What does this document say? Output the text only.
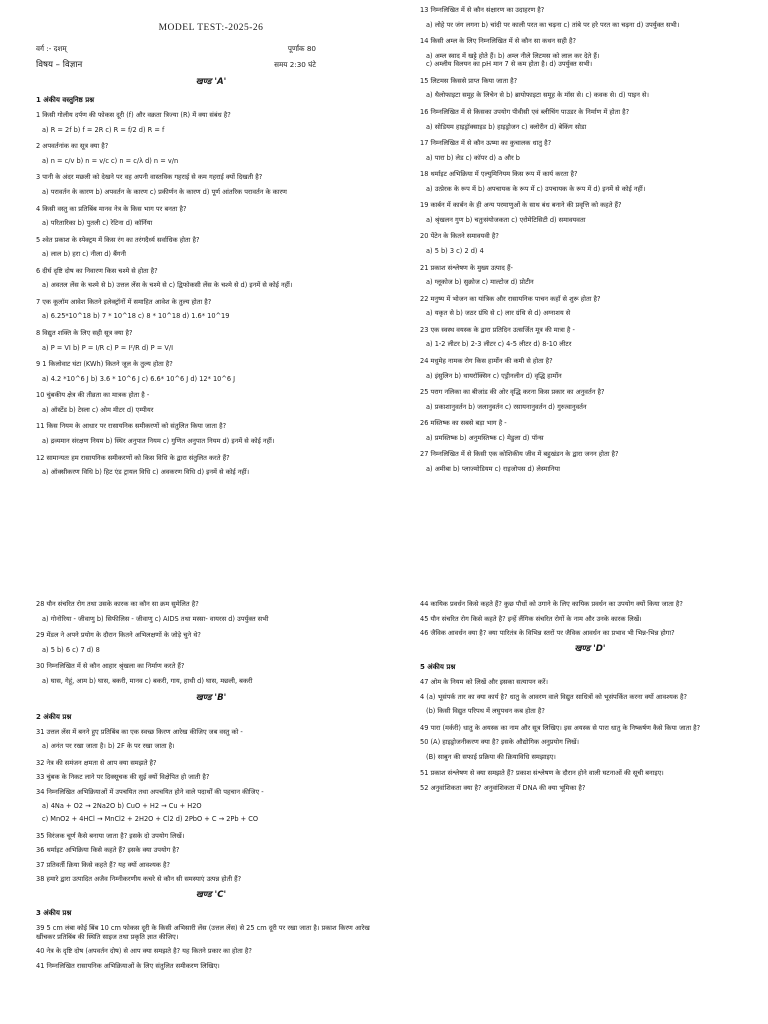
MODEL TEST:-2025-26
वर्ग :- दशम्	पूर्णांक 80
विषय – विज्ञान	समय 2:30 घंटे
खण्ड 'A'
1 अंकीय वस्तुनिष्ठ प्रश्न
1 किसी गोलीय दर्पण की फोकस दूरी (f) और वक्रता त्रिज्या (R) में क्या संबंध है?
a) R = 2f b) f = 2R c) R = f/2 d) R = f
2 अपवर्तनांक का सूत्र क्या है?
a) n = c/v b) n = v/c c) n = c/λ d) n = v/n
3 पानी के अंदर मछली को देखने पर वह अपनी वास्तविक गहराई से कम गहराई क्यों दिखती है?
a) परावर्तन के कारण b) अपवर्तन के कारण c) प्रकीर्णन के कारण d) पूर्ण आंतरिक परावर्तन के कारण
4 किसी वस्तु का प्रतिबिंब मानव नेत्र के किस भाग पर बनता है?
a) परितारिका b) पुतली c) रेटिना d) कॉर्निया
5 श्वेत प्रकाश के स्पेक्ट्रम में किस रंग का तरंगदैर्ध्य सर्वाधिक होता है?
a) लाल b) हरा c) नीला d) बैंगनी
6 दीर्घ दृष्टि दोष का निवारण किस चश्मे से होता है?
a) अवतल लेंस के चश्मे से b) उत्तल लेंस के चश्मे से c) द्विफोकसी लेंस के चश्मे से d) इनमें से कोई नहीं।
7 एक कूलॉम आवेश कितने इलेक्ट्रॉनों में समाहित आवेश के तुल्य होता है?
a) 6.25*10^18 b) 7 * 10^18 c) 8 * 10^18 d) 1.6* 10^19
8 विद्युत शक्ति के लिए सही सूत्र क्या है?
a) P = VI b) P = I/R c) P = I²/R d) P = V/I
9 1 किलोवाट घंटा (KWh) कितने जूल के तुल्य होता है?
a) 4.2 *10^6 J b) 3.6 * 10^6 J c) 6.6* 10^6 J d) 12* 10^6 J
10 चुंबकीय क्षेत्र की तीव्रता का मात्रक होता है -
a) ऑर्स्टेड b) टेस्ला c) ओम मीटर d) एम्पीयर
11 किस नियम के आधार पर रासायनिक समीकरणों को संतुलित किया जाता है?
a) द्रव्यमान संरक्षण नियम b) स्थिर अनुपात नियम c) गुणित अनुपात नियम d) इनमें से कोई नहीं।
12 सामान्यतः हम रासायनिक समीकरणों को किस विधि के द्वारा संतुलित करते हैं?
a) ऑक्सीकरण विधि b) हिट एंड ट्रायल विधि c) अवकरण विधि d) इनमें से कोई नहीं।
13 निम्नलिखित में से कौन संक्षारण का उदाहरण है?
a) लोहे पर जंग लगना b) चांदी पर काली परत का चढ़ना c) तांबे पर हरे परत का चढ़ना d) उपर्युक्त सभी।
14 किसी अम्ल के लिए निम्नलिखित में से कौन सा कथन सही है?
a) अम्ल स्वाद में खट्टे होते हैं। b) अम्ल नीले लिटमस को लाल कर देते हैं।
c) अम्लीय विलयन का pH मान 7 से कम होता है। d) उपर्युक्त सभी।
15 लिटमस किससे प्राप्त किया जाता है?
a) थैलोफाइटा समूह के लिचेन से b) ब्रायोफाइटा समूह के मॉस से। c) कवक से। d) पाइन से।
16 निम्नलिखित में से किसका उपयोग पीवीसी एवं ब्लीचिंग पाउडर के निर्माण में होता है?
a) सोडियम हाइड्रॉक्साइड b) हाइड्रोजन c) क्लोरीन d) बेकिंग सोडा
17 निम्नलिखित में से कौन ऊष्मा का कुचालक धातु है?
a) पारा b) लेड c) कॉपर d) a और b
18 थर्माइट अभिक्रिया में एल्युमिनियम किस रूप में कार्य करता है?
a) उत्प्रेरक के रूप में b) अपचायक के रूप में c) उपचायक के रूप में d) इनमें से कोई नहीं।
19 कार्बन में कार्बन के ही अन्य परमाणुओं के साथ बंध बनाने की प्रवृत्ति को कहते हैं?
a) श्रृंखलन गुण b) चतुःसंयोजकता c) एरोमेटिसिटी d) समावयवता
20 पेंटेन के कितने समावयवी है?
a) 5 b) 3 c) 2 d) 4
21 प्रकाश संश्लेषण के मुख्य उत्पाद हैं-
a) ग्लूकोज b) सुक्रोज c) माल्टोज d) प्रोटीन
22 मनुष्य में भोजन का यांत्रिक और रासायनिक पाचन कहाँ से शुरू होता है?
a) यकृत से b) जठर ग्रंथि से c) लार ग्रंथि से d) अग्नाशय से
23 एक स्वस्थ वयस्क के द्वारा प्रतिदिन उत्सर्जित मूत्र की मात्रा है -
a) 1-2 लीटर b) 2-3 लीटर c) 4-5 लीटर d) 8-10 लीटर
24 मधुमेह नामक रोग किस हार्मोन की कमी से होता है?
a) इंसुलिन b) थायरॉक्सिन c) एड्रीनलीन d) वृद्धि हार्मोन
25 पराग नलिका का बीजांड की ओर वृद्धि करना किस प्रकार का अनुवर्तन है?
a) प्रकाशानुवर्तन b) जलानुवर्तन c) रसायनानुवर्तन d) गुरुत्वानुवर्तन
26 मस्तिष्क का सबसे बड़ा भाग है -
a) प्रमस्तिष्क b) अनुमस्तिष्क c) मेडुला d) पॉन्स
27 निम्नलिखित में से किसी एक कोशिकीय जीव में बहुखंडन के द्वारा जनन होता है?
a) अमीबा b) प्लाज्मोडियम c) राइजोपस d) लेस्मानिया
28 यौन संचरित रोग तथा उसके कारक का कौन सा क्रम सुमेलित है?
a) गोनोरिया - जीवाणु b) सिफीलिस - जीवाणु c) AIDS तथा मस्सा- वायरस d) उपर्युक्त सभी
29 मेंडल ने अपने प्रयोग के दौरान कितने अभिलक्षणों के जोड़े चुने थे?
a) 5 b) 6 c) 7 d) 8
30 निम्नलिखित में से कौन आहार श्रृंखला का निर्माण करते हैं?
a) घास, गेहूं, आम b) घास, बकरी, मानव c) बकरी, गाय, हाथी d) घास, मछली, बकरी
खण्ड 'B'
2 अंकीय प्रश्न
31 उत्तल लेंस में बनने हुए प्रतिबिंब का एक स्वच्छ किरण आरेख कीजिए जब वस्तु को -
a) अनंत पर रखा जाता है। b) 2F के पर रखा जाता है।
32 नेत्र की समंजन क्षमता से आप क्या समझते है?
33 चुंबक के निकट लाने पर दिक्सूचक की सुई क्यों विक्षेपित हो जाती है?
34 निम्नलिखित अभिक्रियाओं में उपचयित तथा अपचयित होने वाले पदार्थों की पहचान कीजिए -
a) 4Na + O2 → 2Na2O b) CuO + H2 → Cu + H2O
c) MnO2 + 4HCl → MnCl2 + 2H2O + Cl2 d) 2PbO + C → 2Pb + CO
35 विरंजक चूर्ण कैसे बनाया जाता है? इसके दो उपयोग लिखें।
36 थर्माइट अभिक्रिया किसे कहते हैं? इसके क्या उपयोग है?
37 प्रतिवर्ती क्रिया किसे कहते हैं? यह क्यों आवश्यक है?
38 हमारे द्वारा उत्पादित अजैव निम्नीकरणीय कचरे से कौन सी समस्याएं उत्पन्न होती हैं?
खण्ड 'C'
3 अंकीय प्रश्न
39 5 cm लंबा कोई बिंब 10 cm फोकस दूरी के किसी अभिसारी लेंस (उत्तल लेंस) से 25 cm दूरी पर रखा जाता है। प्रकाश किरण आरेख खींचकर प्रतिबिंब की स्थिति साइज तथा प्रकृति ज्ञात कीजिए।
40 नेत्र के दृष्टि दोष (अपवर्तन दोष) से आप क्या समझते है? यह कितने प्रकार का होता है?
41 निम्नलिखित रासायनिक अभिक्रियाओं के लिए संतुलित समीकरण लिखिए।
44 कायिक प्रवर्धन किसे कहते हैं? कुछ पौधों को उगाने के लिए कायिक प्रवर्धन का उपयोग क्यों किया जाता है?
45 यौन संचरित रोग किसे कहते है? इन्हें लैंगिक संचरित रोगों के नाम और उनके कारक लिखें।
46 जैविक आवर्धन क्या है? क्या पारितंत्र के विभिन्न स्तरों पर जैविक आवर्धन का प्रभाव भी भिन्न-भिन्न होगा?
खण्ड 'D'
5 अंकीय प्रश्न
47 ओम के नियम को लिखें और इसका सत्यापन करें।
4 (a) भूसंपर्क तार का क्या कार्य है? धातु के आवरण वाले विद्युत साधित्रों को भूसंपर्कित करना क्यों आवश्यक है?
(b) किसी विद्युत परिपथ में लघुपथन कब होता है?
49 पारा (मर्करी) धातु के अयस्क का नाम और सूत्र लिखिए। इस अयस्क से पारा धातु के निष्कर्षण कैसे किया जाता है?
50 (A) हाइड्रोजनीकरण क्या है? इसके औद्योगिक अनुप्रयोग लिखें।
(B) साबुन की सफाई प्रक्रिया की क्रियाविधि समझाइए।
51 प्रकाश संश्लेषण से क्या समझते हैं? प्रकाश संश्लेषण के दौरान होने वाली घटनाओं की सूची बनाइए।
52 अनुवांशिकता क्या है? अनुवांशिकता में DNA की क्या भूमिका है?
